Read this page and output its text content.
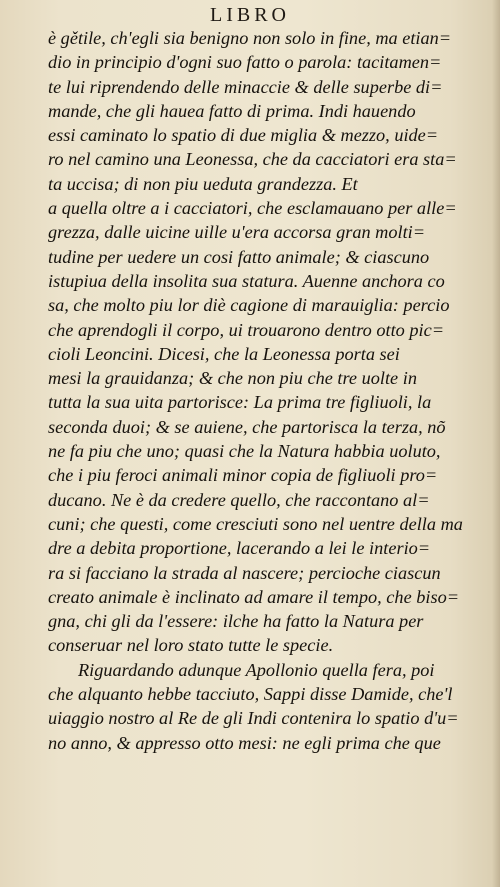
LIBRO
è gětile, ch'egli sia benigno non solo in fine, ma etian=
dio in principio d'ogni suo fatto o parola: tacitamen=
te lui riprendendo delle minaccie & delle superbe di=
mande, che gli hauea fatto di prima. Indi hauendo
essi caminato lo spatio di due miglia & mezzo, uide=
ro nel camino una Leonessa, che da cacciatori era sta=
ta uccisa; di non piu ueduta grandezza. Et
a quella oltre a i cacciatori, che esclamauano per alle=
grezza, dalle uicine uille u'era accorsa gran molti=
tudine per uedere un cosi fatto animale; & ciascuno
istupiua della insolita sua statura. Auenne anchora co
sa, che molto piu lor diè cagione di marauiglia: percio
che aprendogli il corpo, ui trouarono dentro otto pic=
cioli Leoncini. Dicesi, che la Leonessa porta sei
mesi la grauidanza; & che non piu che tre uolte in
tutta la sua uita partorisce: La prima tre figliuoli, la
seconda duoi; & se auiene, che partorisca la terza, nõ
ne fa piu che uno; quasi che la Natura habbia uoluto,
che i piu feroci animali minor copia de figliuoli pro=
ducano. Ne è da credere quello, che raccontano al=
cuni; che questi, come cresciuti sono nel uentre della ma
dre a debita proportione, lacerando a lei le interio=
ra si facciano la strada al nascere; percioche ciascun
creato animale è inclinato ad amare il tempo, che biso=
gna, chi gli da l'essere: ilche ha fatto la Natura per
conseruar nel loro stato tutte le specie.
Riguardando adunque Apollonio quella fera, poi
che alquanto hebbe tacciuto, Sappi disse Damide, che'l
uiaggio nostro al Re de gli Indi contenira lo spatio d'u=
no anno, & appresso otto mesi: ne egli prima che que
